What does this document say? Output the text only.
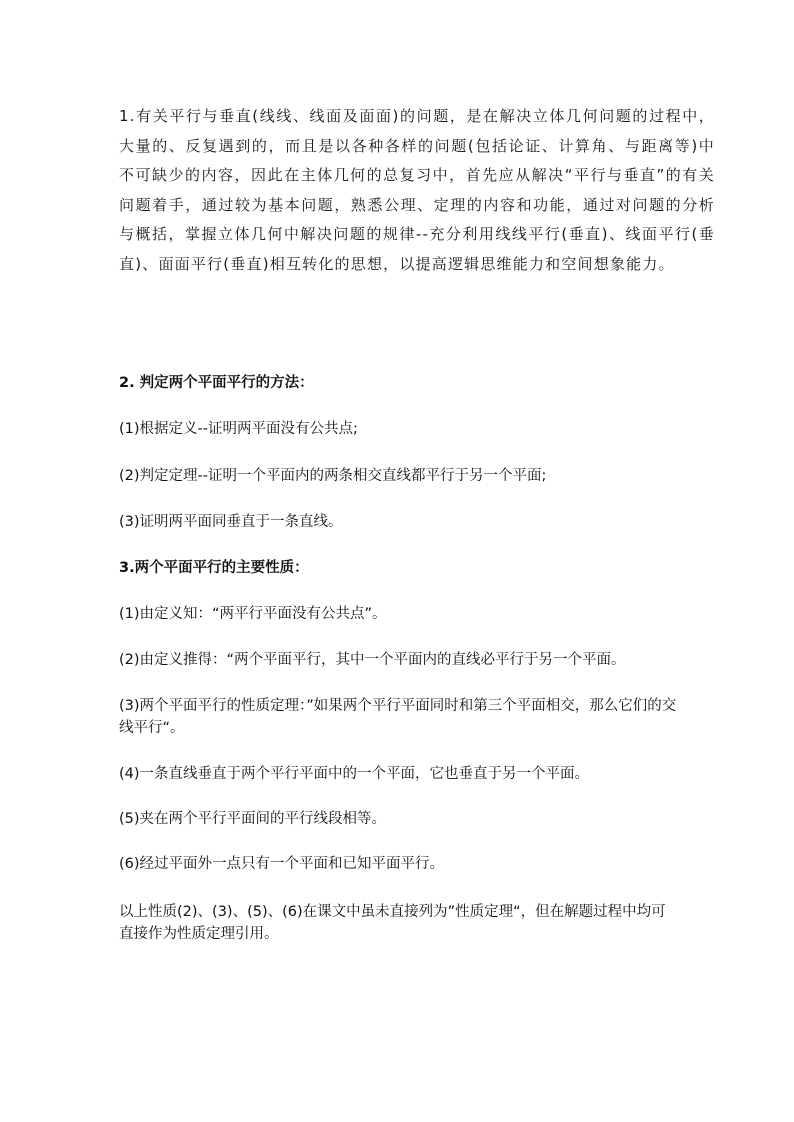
1.有关平行与垂直(线线、线面及面面)的问题，是在解决立体几何问题的过程中，大量的、反复遇到的，而且是以各种各样的问题(包括论证、计算角、与距离等)中不可缺少的内容，因此在主体几何的总复习中，首先应从解决“平行与垂直”的有关问题着手，通过较为基本问题，熟悉公理、定理的内容和功能，通过对问题的分析与概括，掌握立体几何中解决问题的规律--充分利用线线平行(垂直)、线面平行(垂直)、面面平行(垂直)相互转化的思想，以提高逻辑思维能力和空间想象能力。

2. 判定两个平面平行的方法：

(1)根据定义--证明两平面没有公共点;

(2)判定定理--证明一个平面内的两条相交直线都平行于另一个平面;

(3)证明两平面同垂直于一条直线。

3.两个平面平行的主要性质：

(1)由定义知：“两平行平面没有公共点”。

(2)由定义推得：“两个平面平行，其中一个平面内的直线必平行于另一个平面。

(3)两个平面平行的性质定理：”如果两个平行平面同时和第三个平面相交，那么它们的交线平行“。

(4)一条直线垂直于两个平行平面中的一个平面，它也垂直于另一个平面。

(5)夹在两个平行平面间的平行线段相等。

(6)经过平面外一点只有一个平面和已知平面平行。

以上性质(2)、(3)、(5)、(6)在课文中虽未直接列为”性质定理“，但在解题过程中均可直接作为性质定理引用。
